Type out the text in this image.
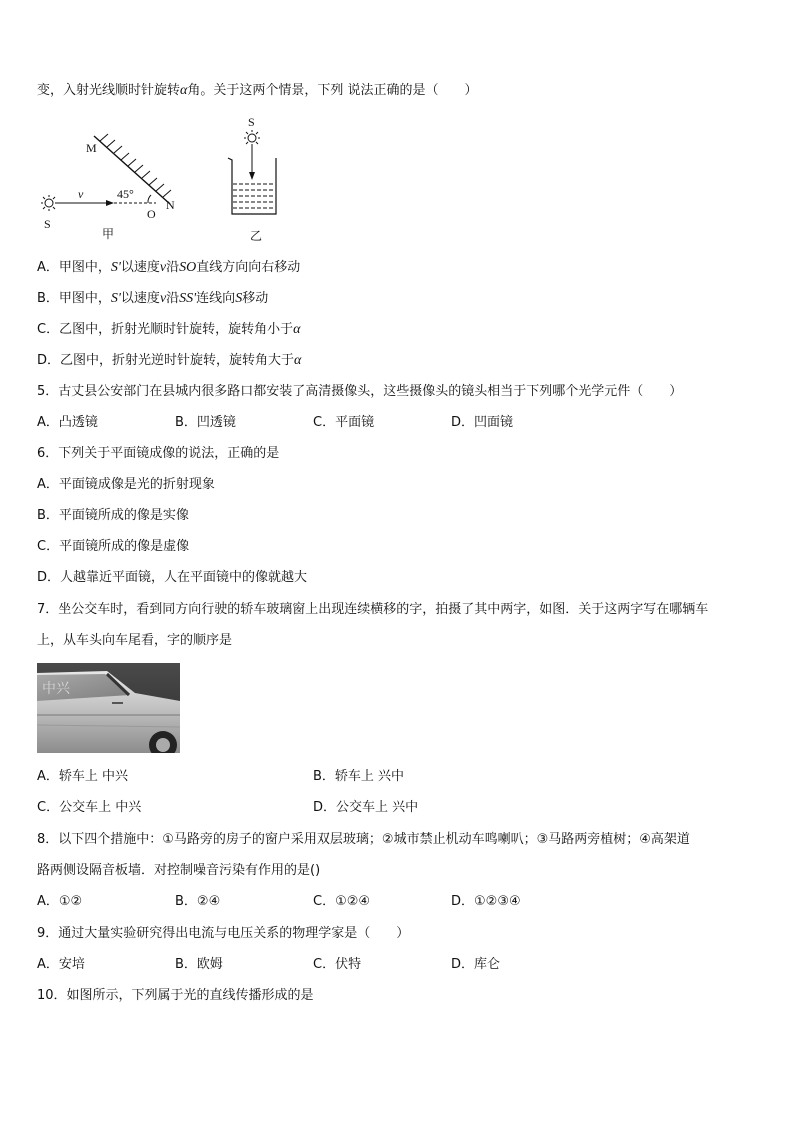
变，入射光线顺时针旋转α角。关于这两个情景，下列 说法正确的是（　　）
M
45°
v
S
O
N
甲
S
乙
A．甲图中，S'以速度v沿SO直线方向向右移动
B．甲图中，S'以速度v沿SS'连线向S移动
C．乙图中，折射光顺时针旋转，旋转角小于α
D．乙图中，折射光逆时针旋转，旋转角大于α
5．古丈县公安部门在县城内很多路口都安装了高清摄像头，这些摄像头的镜头相当于下列哪个光学元件（　　）
A．凸透镜	B．凹透镜	C．平面镜	D．凹面镜
6．下列关于平面镜成像的说法，正确的是
A．平面镜成像是光的折射现象
B．平面镜所成的像是实像
C．平面镜所成的像是虚像
D．人越靠近平面镜，人在平面镜中的像就越大
7．坐公交车时，看到同方向行驶的轿车玻璃窗上出现连续横移的字，拍摄了其中两字，如图．关于这两字写在哪辆车
上，从车头向车尾看，字的顺序是
中兴
A．轿车上 中兴	B．轿车上 兴中
C．公交车上 中兴	D．公交车上 兴中
8．以下四个措施中：①马路旁的房子的窗户采用双层玻璃；②城市禁止机动车鸣喇叭；③马路两旁植树；④高架道
路两侧设隔音板墙．对控制噪音污染有作用的是()
A．①②	B．②④	C．①②④	D．①②③④
9．通过大量实验研究得出电流与电压关系的物理学家是（　　）
A．安培	B．欧姆	C．伏特	D．库仑
10．如图所示，下列属于光的直线传播形成的是
